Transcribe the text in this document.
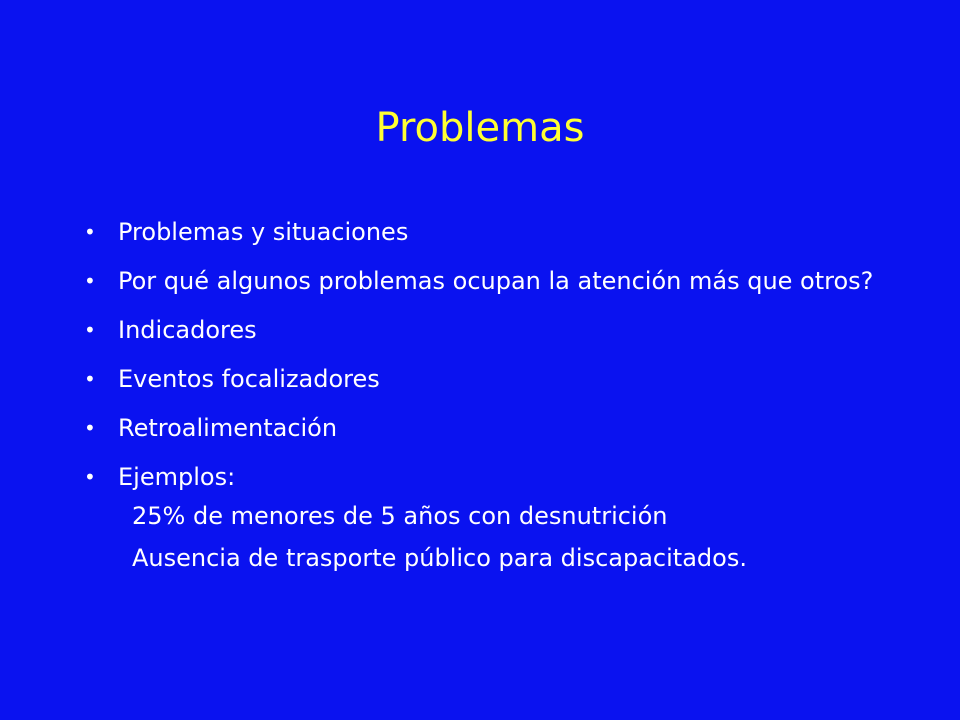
Problemas
• Problemas y situaciones
• Por qué algunos problemas ocupan la atención más que otros?
• Indicadores
• Eventos focalizadores
• Retroalimentación
• Ejemplos:
25% de menores de 5 años con desnutrición
Ausencia de trasporte público para discapacitados.
